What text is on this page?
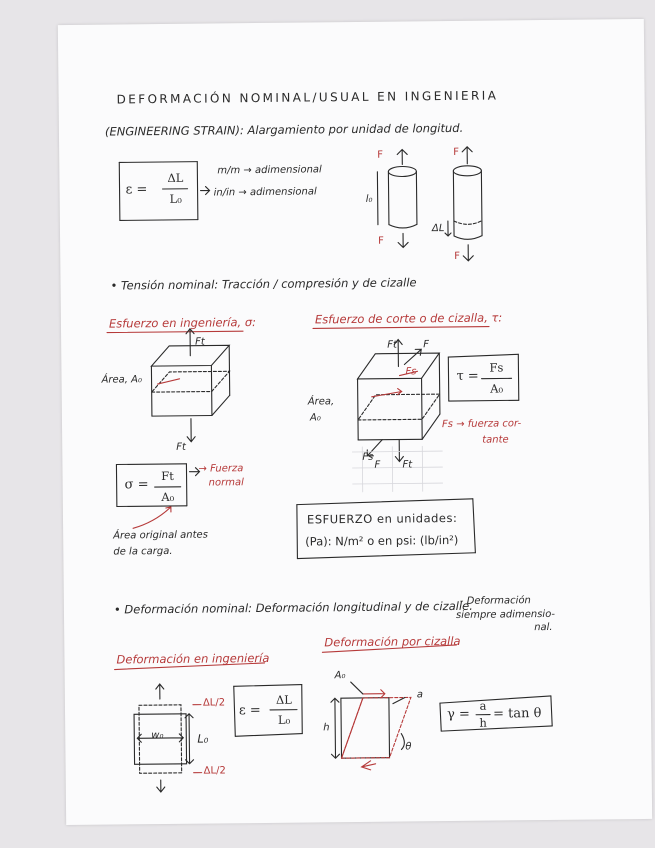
DEFORMACIÓN NOMINAL/USUAL EN INGENIERIA
(ENGINEERING STRAIN): Alargamiento por unidad de longitud.
ε =
ΔL
L₀
m/m → adimensional
in/in → adimensional
F
F
F
F
l₀
ΔL
• Tensión nominal: Tracción / compresión y de cizalle
Esfuerzo en ingeniería, σ:	Esfuerzo de corte o de cizalla, τ:
Área, A₀
Ft
Ft
Área,
A₀
Ft	F
Fs
Fs
F Ft
τ =
Fs
A₀
Fs → fuerza cor-
tante
σ =
Ft
A₀
→ Fuerza
normal
Área original antes
de la carga.
ESFUERZO en unidades:
(Pa): N/m² o en psi: (lb/in²)
• Deformación nominal: Deformación longitudinal y de cizalle.
- Deformación
siempre adimensio-
nal.
Deformación en ingeniería
Deformación por cizalla
w₀	L₀
ΔL/2
ΔL/2
ε =
ΔL
L₀
A₀
a
h
θ
γ =
a
h
= tan θ
